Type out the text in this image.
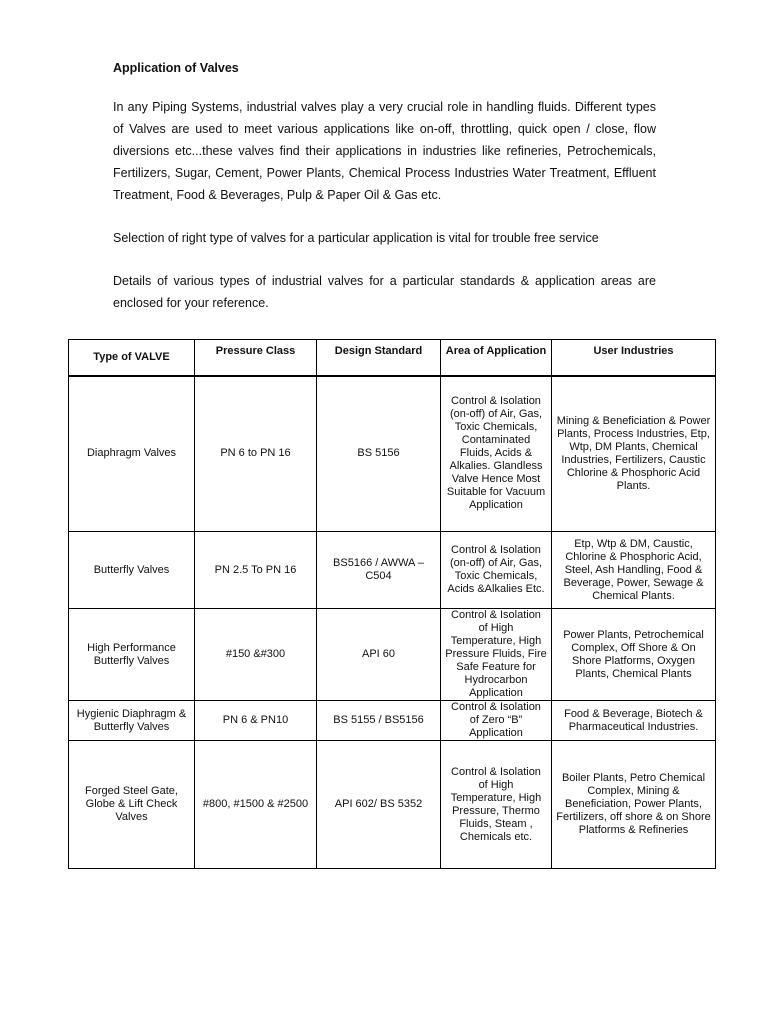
Application of Valves

In any Piping Systems, industrial valves play a very crucial role in handling fluids. Different types of Valves are used to meet various applications like on-off, throttling, quick open / close, flow diversions etc...these valves find their applications in industries like refineries, Petrochemicals, Fertilizers, Sugar, Cement, Power Plants, Chemical Process Industries Water Treatment, Effluent Treatment, Food & Beverages, Pulp & Paper Oil & Gas etc.

Selection of right type of valves for a particular application is vital for trouble free service

Details of various types of industrial valves for a particular standards & application areas are enclosed for your reference.

Type of VALVE	Pressure Class	Design Standard	Area of Application	User Industries
Diaphragm Valves	PN 6 to PN 16	BS 5156	Control & Isolation (on-off) of Air, Gas, Toxic Chemicals, Contaminated Fluids, Acids & Alkalies. Glandless Valve Hence Most Suitable for Vacuum Application	Mining & Beneficiation & Power Plants, Process Industries, Etp, Wtp, DM Plants, Chemical Industries, Fertilizers, Caustic Chlorine & Phosphoric Acid Plants.
Butterfly Valves	PN 2.5 To PN 16	BS5166 / AWWA –C504	Control & Isolation (on-off) of Air, Gas, Toxic Chemicals, Acids &Alkalies Etc.	Etp, Wtp & DM, Caustic, Chlorine & Phosphoric Acid, Steel, Ash Handling, Food & Beverage, Power, Sewage & Chemical Plants.
High Performance Butterfly Valves	#150 &#300	API 60	Control & Isolation of High Temperature, High Pressure Fluids, Fire Safe Feature for Hydrocarbon Application	Power Plants, Petrochemical Complex, Off Shore & On Shore Platforms, Oxygen Plants, Chemical Plants
Hygienic Diaphragm & Butterfly Valves	PN 6 & PN10	BS 5155 / BS5156	Control & Isolation of Zero “B” Application	Food & Beverage, Biotech & Pharmaceutical Industries.
Forged Steel Gate, Globe & Lift Check Valves	#800, #1500 & #2500	API 602/ BS 5352	Control & Isolation of High Temperature, High Pressure, Thermo Fluids, Steam , Chemicals etc.	Boiler Plants, Petro Chemical Complex, Mining & Beneficiation, Power Plants, Fertilizers, off shore & on Shore Platforms & Refineries
